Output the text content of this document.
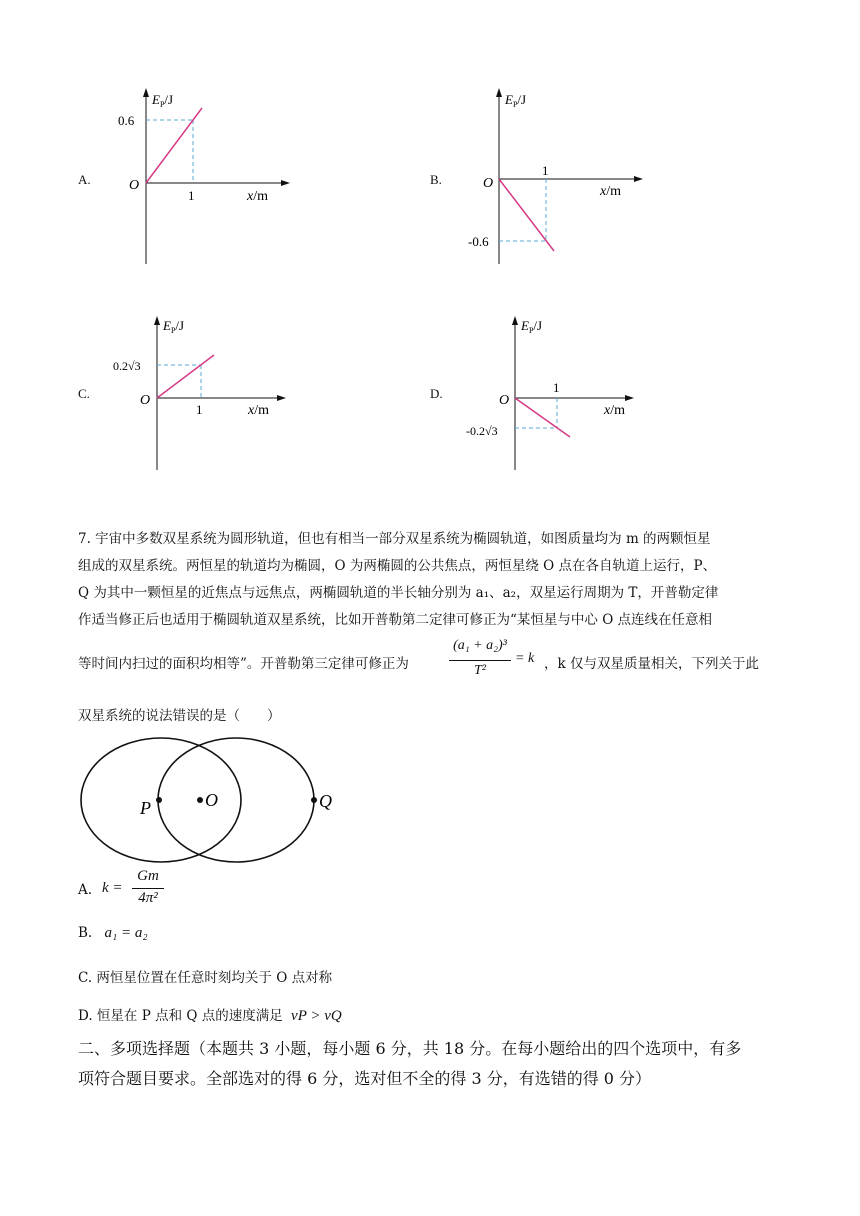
A.	B.
C.	D.
$E_P/J$
0.6
O
1	x/m
$E_P/J$
-0.6
O
1
x/m
$E_P/J$
0.2√3
O
1	x/m
$E_P/J$
-0.2√3
O
1
x/m
7. 宇宙中多数双星系统为圆形轨道，但也有相当一部分双星系统为椭圆轨道，如图质量均为 m 的两颗恒星
组成的双星系统。两恒星的轨道均为椭圆，O 为两椭圆的公共焦点，两恒星绕 O 点在各自轨道上运行，P、
Q 为其中一颗恒星的近焦点与远焦点，两椭圆轨道的半长轴分别为 a₁、a₂，双星运行周期为 T，开普勒定律
作适当修正后也适用于椭圆轨道双星系统，比如开普勒第二定律可修正为“某恒星与中心 O 点连线在任意相
等时间内扫过的面积均相等”。开普勒第三定律可修正为
(a₁ + a₂)³
T²
= k ，k 仅与双星质量相关，下列关于此
双星系统的说法错误的是（　　）
P	O	Q
A. k =
Gm
4π²
B. a₁ = a₂
C. 两恒星位置在任意时刻均关于 O 点对称
D. 恒星在 P 点和 Q 点的速度满足 vP > vQ
二、多项选择题（本题共 3 小题，每小题 6 分，共 18 分。在每小题给出的四个选项中，有多
项符合题目要求。全部选对的得 6 分，选对但不全的得 3 分，有选错的得 0 分）
